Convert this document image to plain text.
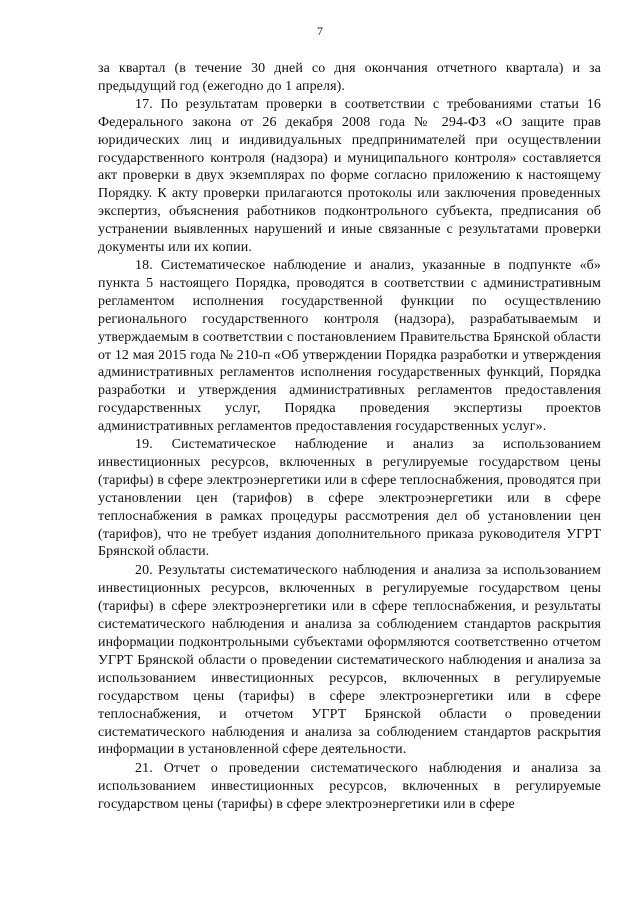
7

за квартал (в течение 30 дней со дня окончания отчетного квартала) и за предыдущий год (ежегодно до 1 апреля).

17. По результатам проверки в соответствии с требованиями статьи 16 Федерального закона от 26 декабря 2008 года № 294-ФЗ «О защите прав юридических лиц и индивидуальных предпринимателей при осуществлении государственного контроля (надзора) и муниципального контроля» составляется акт проверки в двух экземплярах по форме согласно приложению к настоящему Порядку. К акту проверки прилагаются протоколы или заключения проведенных экспертиз, объяснения работников подконтрольного субъекта, предписания об устранении выявленных нарушений и иные связанные с результатами проверки документы или их копии.

18. Систематическое наблюдение и анализ, указанные в подпункте «б» пункта 5 настоящего Порядка, проводятся в соответствии с административным регламентом исполнения государственной функции по осуществлению регионального государственного контроля (надзора), разрабатываемым и утверждаемым в соответствии с постановлением Правительства Брянской области от 12 мая 2015 года № 210-п «Об утверждении Порядка разработки и утверждения административных регламентов исполнения государственных функций, Порядка разработки и утверждения административных регламентов предоставления государственных услуг, Порядка проведения экспертизы проектов административных регламентов предоставления государственных услуг».

19. Систематическое наблюдение и анализ за использованием инвестиционных ресурсов, включенных в регулируемые государством цены (тарифы) в сфере электроэнергетики или в сфере теплоснабжения, проводятся при установлении цен (тарифов) в сфере электроэнергетики или в сфере теплоснабжения в рамках процедуры рассмотрения дел об установлении цен (тарифов), что не требует издания дополнительного приказа руководителя УГРТ Брянской области.

20. Результаты систематического наблюдения и анализа за использованием инвестиционных ресурсов, включенных в регулируемые государством цены (тарифы) в сфере электроэнергетики или в сфере теплоснабжения, и результаты систематического наблюдения и анализа за соблюдением стандартов раскрытия информации подконтрольными субъектами оформляются соответственно отчетом УГРТ Брянской области о проведении систематического наблюдения и анализа за использованием инвестиционных ресурсов, включенных в регулируемые государством цены (тарифы) в сфере электроэнергетики или в сфере теплоснабжения, и отчетом УГРТ Брянской области о проведении систематического наблюдения и анализа за соблюдением стандартов раскрытия информации в установленной сфере деятельности.

21. Отчет о проведении систематического наблюдения и анализа за использованием инвестиционных ресурсов, включенных в регулируемые государством цены (тарифы) в сфере электроэнергетики или в сфере
